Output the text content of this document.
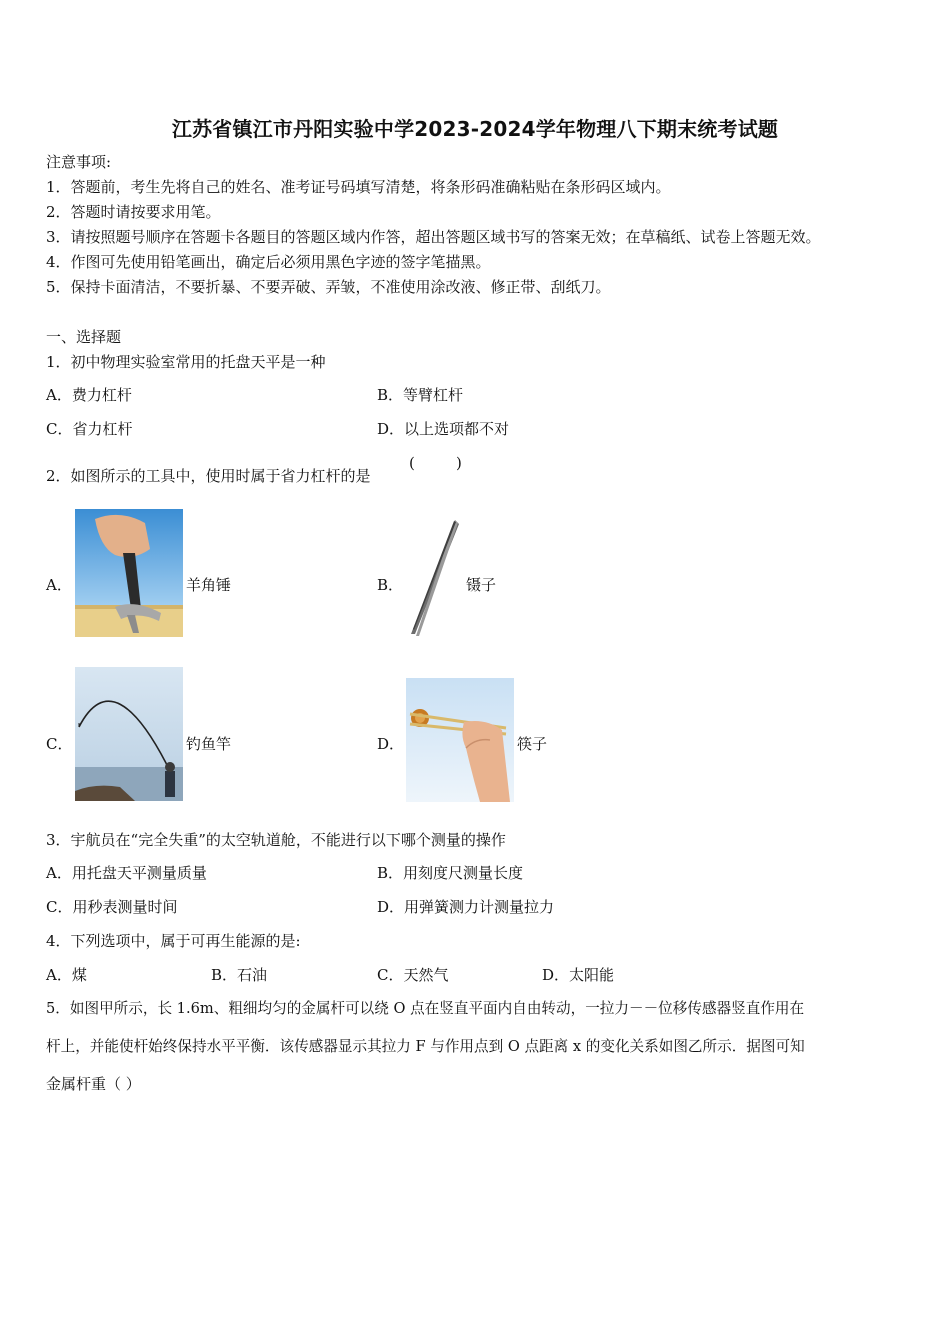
江苏省镇江市丹阳实验中学2023-2024学年物理八下期末统考试题
注意事项:
1．答题前，考生先将自己的姓名、准考证号码填写清楚，将条形码准确粘贴在条形码区域内。
2．答题时请按要求用笔。
3．请按照题号顺序在答题卡各题目的答题区域内作答，超出答题区域书写的答案无效；在草稿纸、试卷上答题无效。
4．作图可先使用铅笔画出，确定后必须用黑色字迹的签字笔描黑。
5．保持卡面清洁，不要折暴、不要弄破、弄皱，不准使用涂改液、修正带、刮纸刀。
一、选择题
1．初中物理实验室常用的托盘天平是一种
A．费力杠杆	B．等臂杠杆
C．省力杠杆	D．以上选项都不对
2．如图所示的工具中，使用时属于省力杠杆的是
(	)
A．	羊角锤	B．	镊子
C．	钓鱼竿	D．	筷子
3．宇航员在“完全失重”的太空轨道舱，不能进行以下哪个测量的操作
A．用托盘天平测量质量	B．用刻度尺测量长度
C．用秒表测量时间	D．用弹簧测力计测量拉力
4．下列选项中，属于可再生能源的是:
A．煤	B．石油	C．天然气	D．太阳能
5．如图甲所示，长 1.6m、粗细均匀的金属杆可以绕 O 点在竖直平面内自由转动，一拉力－－位移传感器竖直作用在
杆上，并能使杆始终保持水平平衡．该传感器显示其拉力 F 与作用点到 O 点距离 x 的变化关系如图乙所示．据图可知
金属杆重（ ）
